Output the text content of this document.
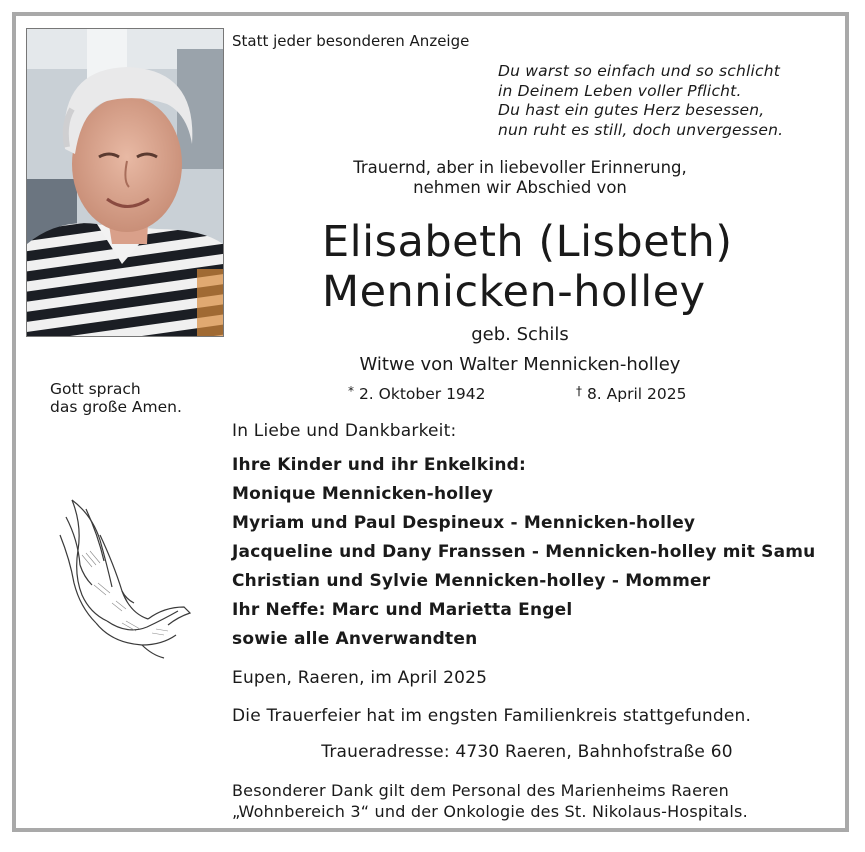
Statt jeder besonderen Anzeige
Du warst so einfach und so schlicht
in Deinem Leben voller Pflicht.
Du hast ein gutes Herz besessen,
nun ruht es still, doch unvergessen.
Trauernd, aber in liebevoller Erinnerung,
nehmen wir Abschied von
Elisabeth (Lisbeth)
Mennicken-holley
geb. Schils
Witwe von Walter Mennicken-holley
* 2. Oktober 1942	† 8. April 2025
Gott sprach
das große Amen.
In Liebe und Dankbarkeit:
Ihre Kinder und ihr Enkelkind:
Monique Mennicken-holley
Myriam und Paul Despineux - Mennicken-holley
Jacqueline und Dany Franssen - Mennicken-holley mit Samu
Christian und Sylvie Mennicken-holley - Mommer
Ihr Neffe: Marc und Marietta Engel
sowie alle Anverwandten
Eupen, Raeren, im April 2025
Die Trauerfeier hat im engsten Familienkreis stattgefunden.
Traueradresse: 4730 Raeren, Bahnhofstraße 60
Besonderer Dank gilt dem Personal des Marienheims Raeren
„Wohnbereich 3“ und der Onkologie des St. Nikolaus-Hospitals.
